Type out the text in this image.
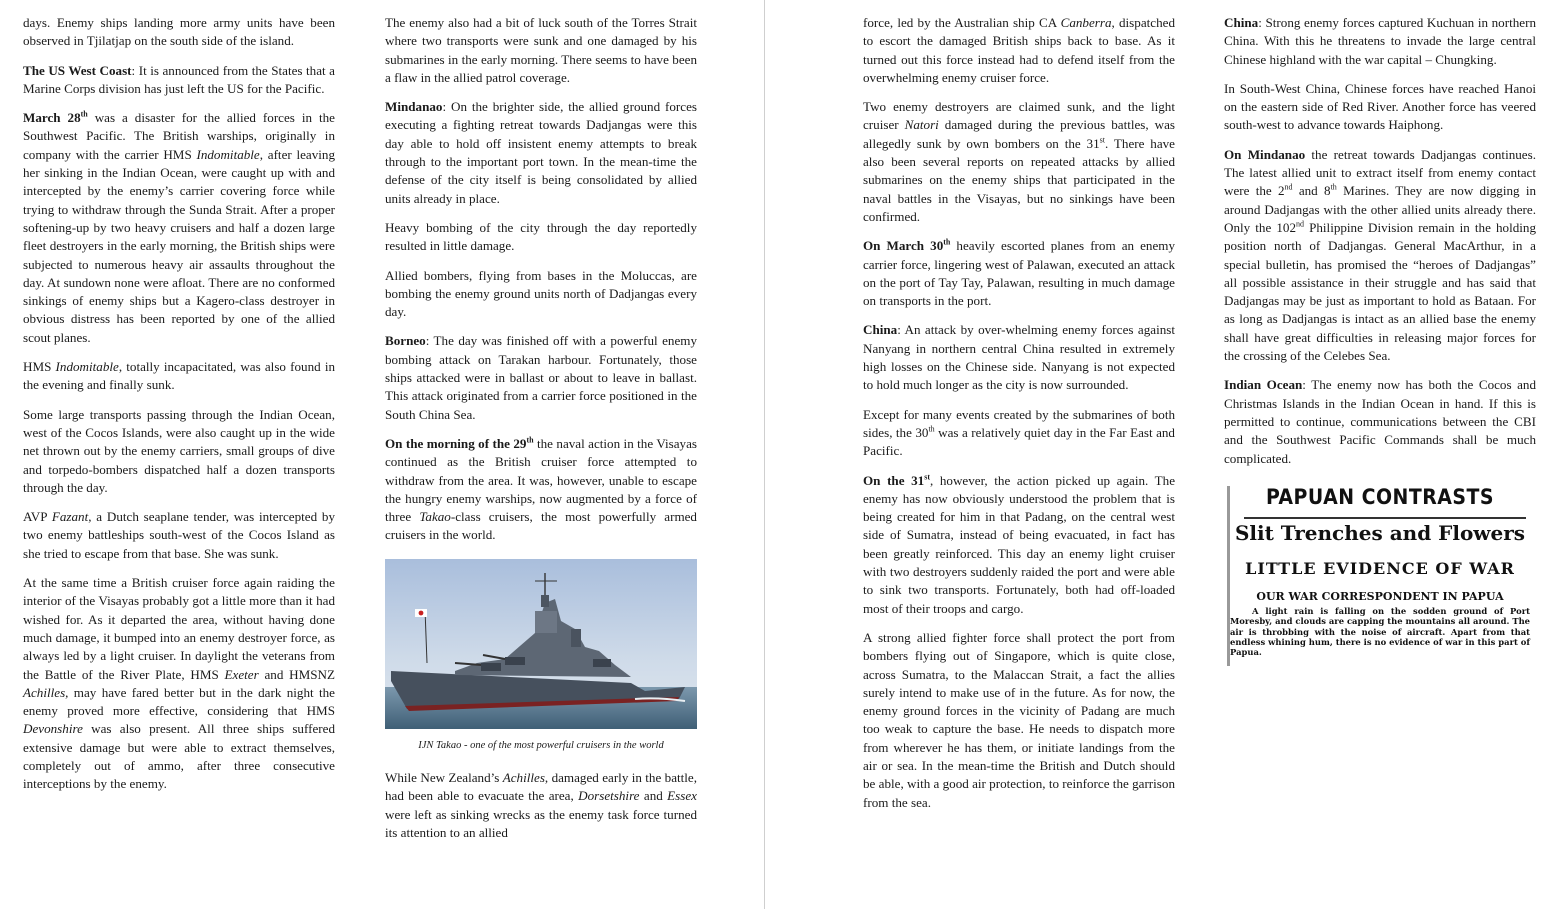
days. Enemy ships landing more army units have been observed in Tjilatjap on the south side of the island.

The US West Coast: It is announced from the States that a Marine Corps division has just left the US for the Pacific.

March 28th was a disaster for the allied forces in the Southwest Pacific. The British warships, originally in company with the carrier HMS Indomitable, after leaving her sinking in the Indian Ocean, were caught up with and intercepted by the enemy’s carrier covering force while trying to withdraw through the Sunda Strait. After a proper softening-up by two heavy cruisers and half a dozen large fleet destroyers in the early morning, the British ships were subjected to numerous heavy air assaults throughout the day. At sundown none were afloat. There are no conformed sinkings of enemy ships but a Kagero-class destroyer in obvious distress has been reported by one of the allied scout planes.

HMS Indomitable, totally incapacitated, was also found in the evening and finally sunk.

Some large transports passing through the Indian Ocean, west of the Cocos Islands, were also caught up in the wide net thrown out by the enemy carriers, small groups of dive and torpedo-bombers dispatched half a dozen transports through the day.

AVP Fazant, a Dutch seaplane tender, was intercepted by two enemy battleships south-west of the Cocos Island as she tried to escape from that base. She was sunk.

At the same time a British cruiser force again raiding the interior of the Visayas probably got a little more than it had wished for. As it departed the area, without having done much damage, it bumped into an enemy destroyer force, as always led by a light cruiser. In daylight the veterans from the Battle of the River Plate, HMS Exeter and HMSNZ Achilles, may have fared better but in the dark night the enemy proved more effective, considering that HMS Devonshire was also present. All three ships suffered extensive damage but were able to extract themselves, completely out of ammo, after three consecutive interceptions by the enemy.

The enemy also had a bit of luck south of the Torres Strait where two transports were sunk and one damaged by his submarines in the early morning. There seems to have been a flaw in the allied patrol coverage.

Mindanao: On the brighter side, the allied ground forces executing a fighting retreat towards Dadjangas were this day able to hold off insistent enemy attempts to break through to the important port town. In the mean-time the defense of the city itself is being consolidated by allied units already in place.

Heavy bombing of the city through the day reportedly resulted in little damage.

Allied bombers, flying from bases in the Moluccas, are bombing the enemy ground units north of Dadjangas every day.

Borneo: The day was finished off with a powerful enemy bombing attack on Tarakan harbour. Fortunately, those ships attacked were in ballast or about to leave in ballast. This attack originated from a carrier force positioned in the South China Sea.

On the morning of the 29th the naval action in the Visayas continued as the British cruiser force attempted to withdraw from the area. It was, however, unable to escape the hungry enemy warships, now augmented by a force of three Takao-class cruisers, the most powerfully armed cruisers in the world.

IJN Takao - one of the most powerful cruisers in the world

While New Zealand’s Achilles, damaged early in the battle, had been able to evacuate the area, Dorsetshire and Essex were left as sinking wrecks as the enemy task force turned its attention to an allied

force, led by the Australian ship CA Canberra, dispatched to escort the damaged British ships back to base. As it turned out this force instead had to defend itself from the overwhelming enemy cruiser force.

Two enemy destroyers are claimed sunk, and the light cruiser Natori damaged during the previous battles, was allegedly sunk by own bombers on the 31st. There have also been several reports on repeated attacks by allied submarines on the enemy ships that participated in the naval battles in the Visayas, but no sinkings have been confirmed.

On March 30th heavily escorted planes from an enemy carrier force, lingering west of Palawan, executed an attack on the port of Tay Tay, Palawan, resulting in much damage on transports in the port.

China: An attack by over-whelming enemy forces against Nanyang in northern central China resulted in extremely high losses on the Chinese side. Nanyang is not expected to hold much longer as the city is now surrounded.

Except for many events created by the submarines of both sides, the 30th was a relatively quiet day in the Far East and Pacific.

On the 31st, however, the action picked up again. The enemy has now obviously understood the problem that is being created for him in that Padang, on the central west side of Sumatra, instead of being evacuated, in fact has been greatly reinforced. This day an enemy light cruiser with two destroyers suddenly raided the port and were able to sink two transports. Fortunately, both had off-loaded most of their troops and cargo.

A strong allied fighter force shall protect the port from bombers flying out of Singapore, which is quite close, across Sumatra, to the Malaccan Strait, a fact the allies surely intend to make use of in the future. As for now, the enemy ground forces in the vicinity of Padang are much too weak to capture the base. He needs to dispatch more from wherever he has them, or initiate landings from the air or sea. In the mean-time the British and Dutch should be able, with a good air protection, to reinforce the garrison from the sea.

China: Strong enemy forces captured Kuchuan in northern China. With this he threatens to invade the large central Chinese highland with the war capital – Chungking.

In South-West China, Chinese forces have reached Hanoi on the eastern side of Red River. Another force has veered south-west to advance towards Haiphong.

On Mindanao the retreat towards Dadjangas continues. The latest allied unit to extract itself from enemy contact were the 2nd and 8th Marines. They are now digging in around Dadjangas with the other allied units already there. Only the 102nd Philippine Division remain in the holding position north of Dadjangas. General MacArthur, in a special bulletin, has promised the “heroes of Dadjangas” all possible assistance in their struggle and has said that Dadjangas may be just as important to hold as Bataan. For as long as Dadjangas is intact as an allied base the enemy shall have great difficulties in releasing major forces for the crossing of the Celebes Sea.

Indian Ocean: The enemy now has both the Cocos and Christmas Islands in the Indian Ocean in hand. If this is permitted to continue, communications between the CBI and the Southwest Pacific Commands shall be much complicated.

PAPUAN CONTRASTS
Slit Trenches and Flowers
LITTLE EVIDENCE OF WAR
OUR WAR CORRESPONDENT IN PAPUA
A light rain is falling on the sodden ground of Port Moresby, and clouds are capping the mountains all around. The air is throbbing with the noise of aircraft. Apart from that endless whining hum, there is no evidence of war in this part of Papua.
